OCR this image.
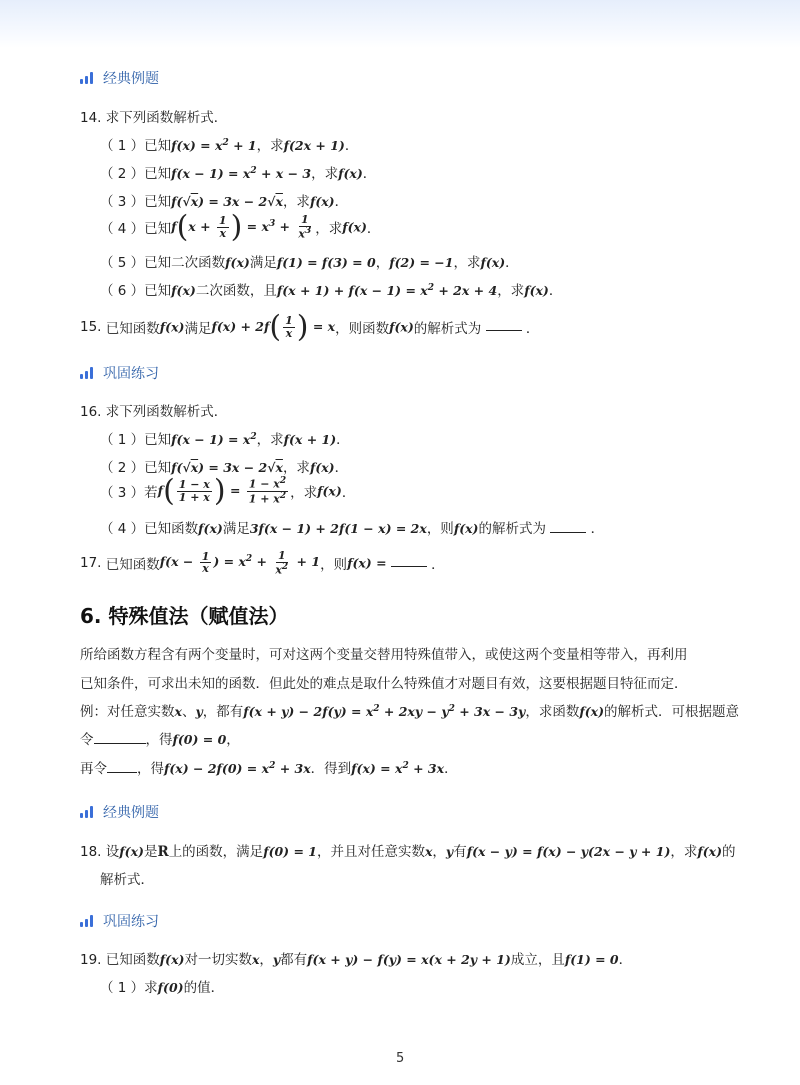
经典例题
14. 求下列函数解析式．
（ 1 ）已知$f(x) = x^2 + 1$，求f(2x + 1)．
（ 2 ）已知$f(x - 1) = x^2 + x - 3$，求f(x)．
（ 3 ）已知f(√x) = 3x − 2√x，求f(x)．
（ 4 ）已知$f(x + \frac{1}{x}$ ) = $x^3 + \frac{1}{x^3}$ ，求f(x)．
（ 5 ）已知二次函数f(x)满足f(1) = f(3) = 0，f(2) = −1，求f(x)．
（ 6 ）已知f(x)二次函数，且$f(x + 1) + f(x - 1) = x^2 + 2x + 4$，求f(x)．
15. 已知函数f(x)满足$f(x) + 2f( \frac{1}{x}$ ) = x，则函数f(x)的解析式为	．
巩固练习
16. 求下列函数解析式．
（ 1 ）已知$f(x - 1) = x^2$，求f(x + 1)．
（ 2 ）已知f(√x) = 3x − 2√x，求f(x)．
（ 3 ）若$f( \frac{1 - x}{1 + x}$ ) = $\frac{1 - x^2}{1 + x^2}$ ，求f(x)．
（ 4 ）已知函数f(x)满足3f(x − 1) + 2f(1 − x) = 2x，则f(x)的解析式为	．
17. 已知函数$f(x - \frac{1}{x}$ ) = $x^2 + \frac{1}{x^2} + 1$，则f(x) =	．
6. 特殊值法（赋值法）
所给函数方程含有两个变量时，可对这两个变量交替用特殊值带入，或使这两个变量相等带入，再利用
已知条件，可求出未知的函数．但此处的难点是取什么特殊值才对题目有效，这要根据题目特征而定．
例：对任意实数x、y，都有$f(x + y) - 2f(y) = x^2 + 2xy - y^2 + 3x - 3y$，求函数f(x)的解析式．可根据题意
令	，得f(0) = 0，
再令 ，得$f(x) - 2f(0) = x^2 + 3x$．得到$f(x) = x^2 + 3x$．
经典例题
18. 设f(x)是R上的函数，满足f(0) = 1，并且对任意实数x，y有f(x − y) = f(x) − y(2x − y + 1)，求f(x)的
解析式．
巩固练习
19. 已知函数f(x)对一切实数x，y都有f(x + y) − f(y) = x(x + 2y + 1)成立，且f(1) = 0．
（ 1 ）求f(0)的值．
5
